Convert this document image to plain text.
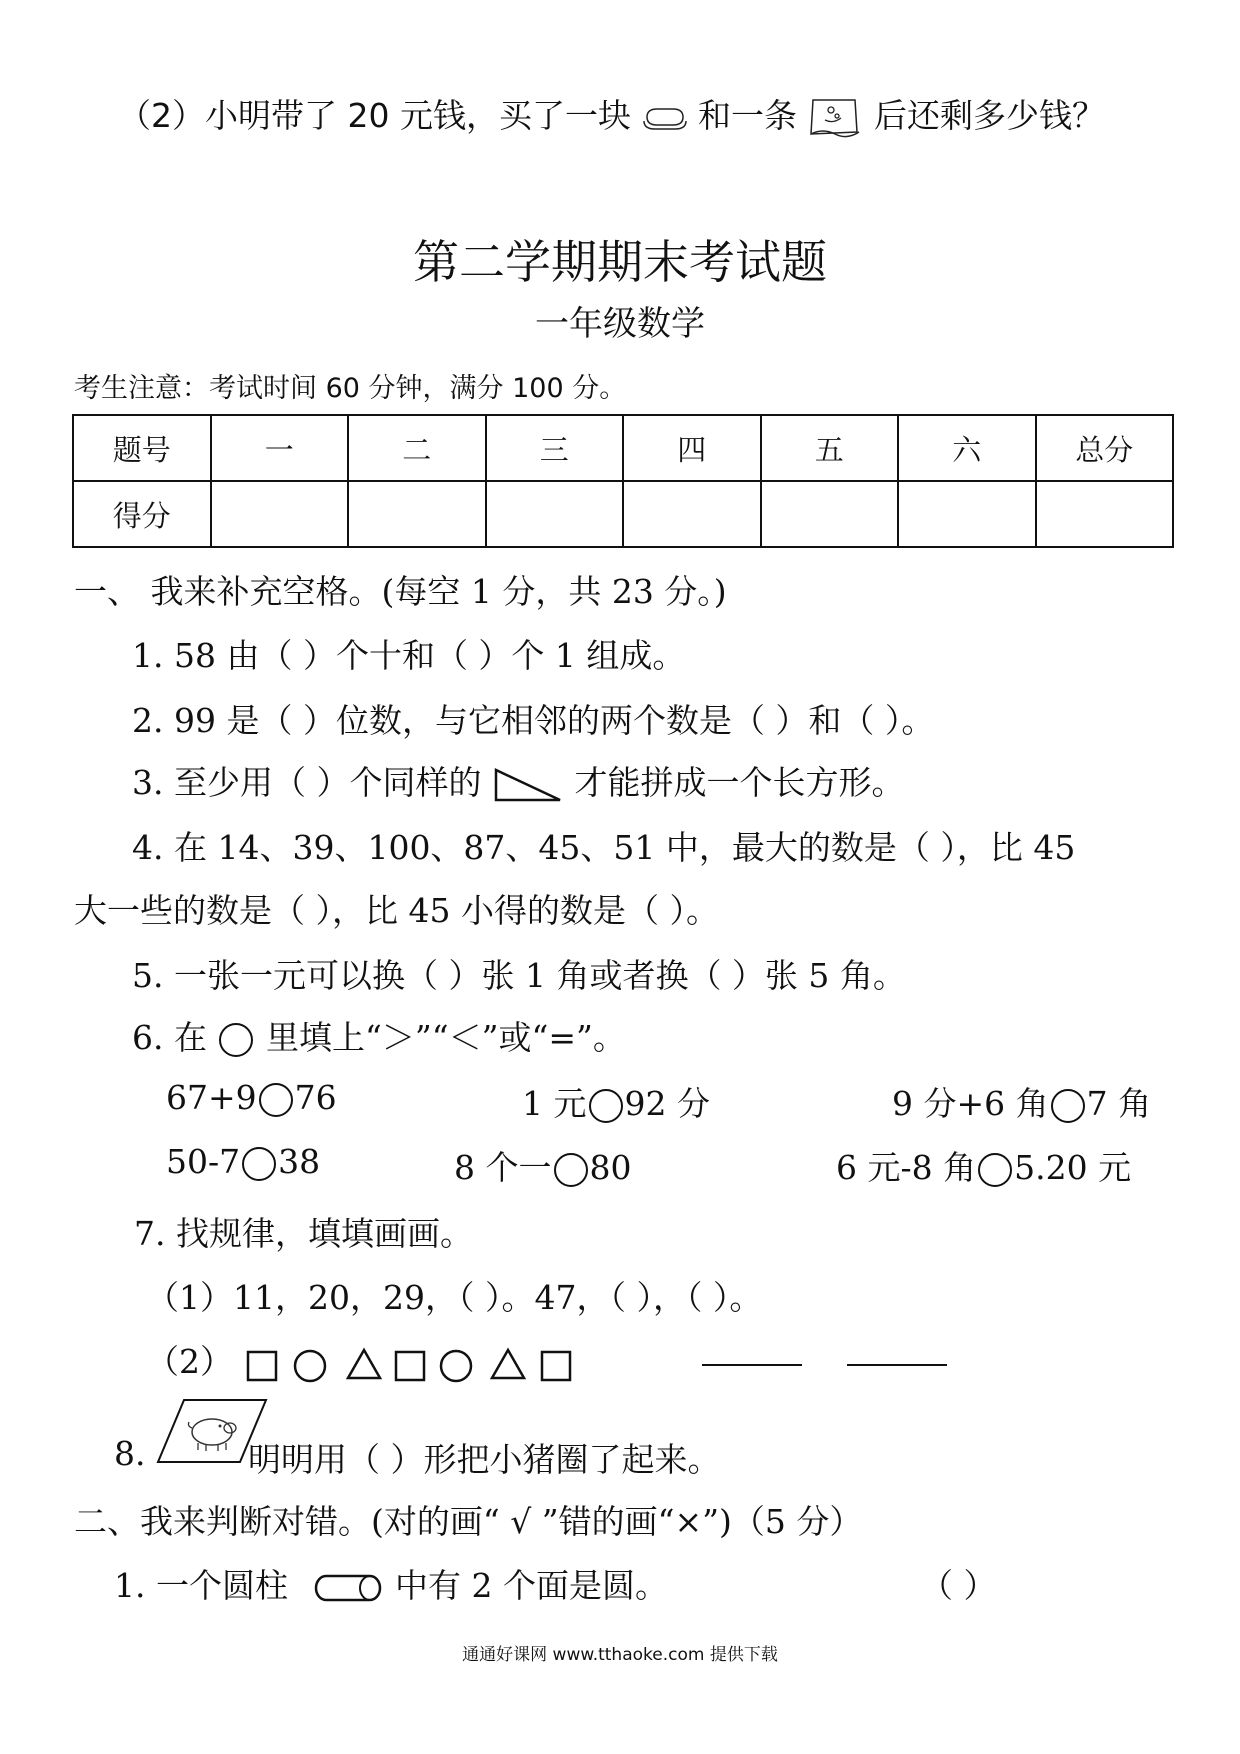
（2）小明带了 20 元钱，买了一块 和一条 后还剩多少钱？
第二学期期末考试题
一年级数学
考生注意：考试时间 60 分钟，满分 100 分。
题号	一	二	三	四	五	六	总分
得分							
一、 我来补充空格。(每空 1 分，共 23 分。)
1. 58 由（ ）个十和（ ）个 1 组成。
2. 99 是（ ）位数，与它相邻的两个数是（ ）和（ ）。
3. 至少用（ ）个同样的	才能拼成一个长方形。
4. 在 14、39、100、87、45、51 中，最大的数是（ ），比 45
大一些的数是（ ），比 45 小得的数是（ ）。
5. 一张一元可以换（ ）张 1 角或者换（ ）张 5 角。
6. 在 里填上“＞”“＜”或“=”。
67+9 76	1 元 92 分	9 分+6 角 7 角
50-7 38	8 个一 80	6 元-8 角 5.20 元
7. 找规律，填填画画。
（1）11，20，29，（ ）。47，（ ），（ ）。
（2）
8.	明明用（ ）形把小猪圈了起来。
二、我来判断对错。(对的画“ √ ”错的画“×”)（5 分）
1. 一个圆柱	中有 2 个面是圆。	（ ）
通通好课网 www.tthaoke.com 提供下载
